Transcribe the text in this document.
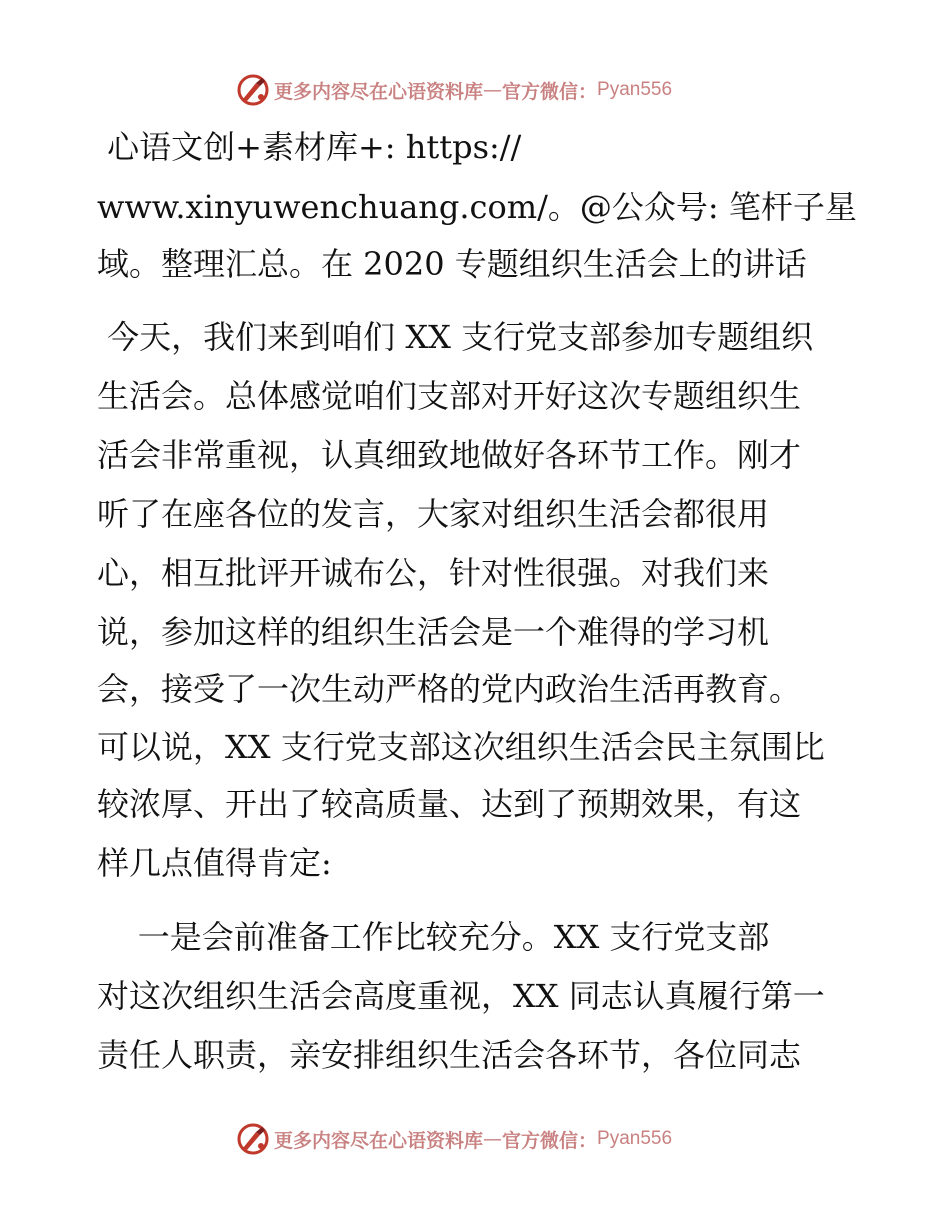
更多内容尽在心语资料库 — 官方微信： Pyan556
心语文创+素材库+: https://
www.xinyuwenchuang.com/。@公众号: 笔杆子星
域。整理汇总。在 2020 专题组织生活会上的讲话
今天，我们来到咱们 XX 支行党支部参加专题组织
生活会。总体感觉咱们支部对开好这次专题组织生
活会非常重视，认真细致地做好各环节工作。刚才
听了在座各位的发言，大家对组织生活会都很用
心，相互批评开诚布公，针对性很强。对我们来
说，参加这样的组织生活会是一个难得的学习机
会，接受了一次生动严格的党内政治生活再教育。
可以说，XX 支行党支部这次组织生活会民主氛围比
较浓厚、开出了较高质量、达到了预期效果，有这
样几点值得肯定:
一是会前准备工作比较充分。XX 支行党支部
对这次组织生活会高度重视，XX 同志认真履行第一
责任人职责，亲安排组织生活会各环节，各位同志
更多内容尽在心语资料库 — 官方微信： Pyan556
